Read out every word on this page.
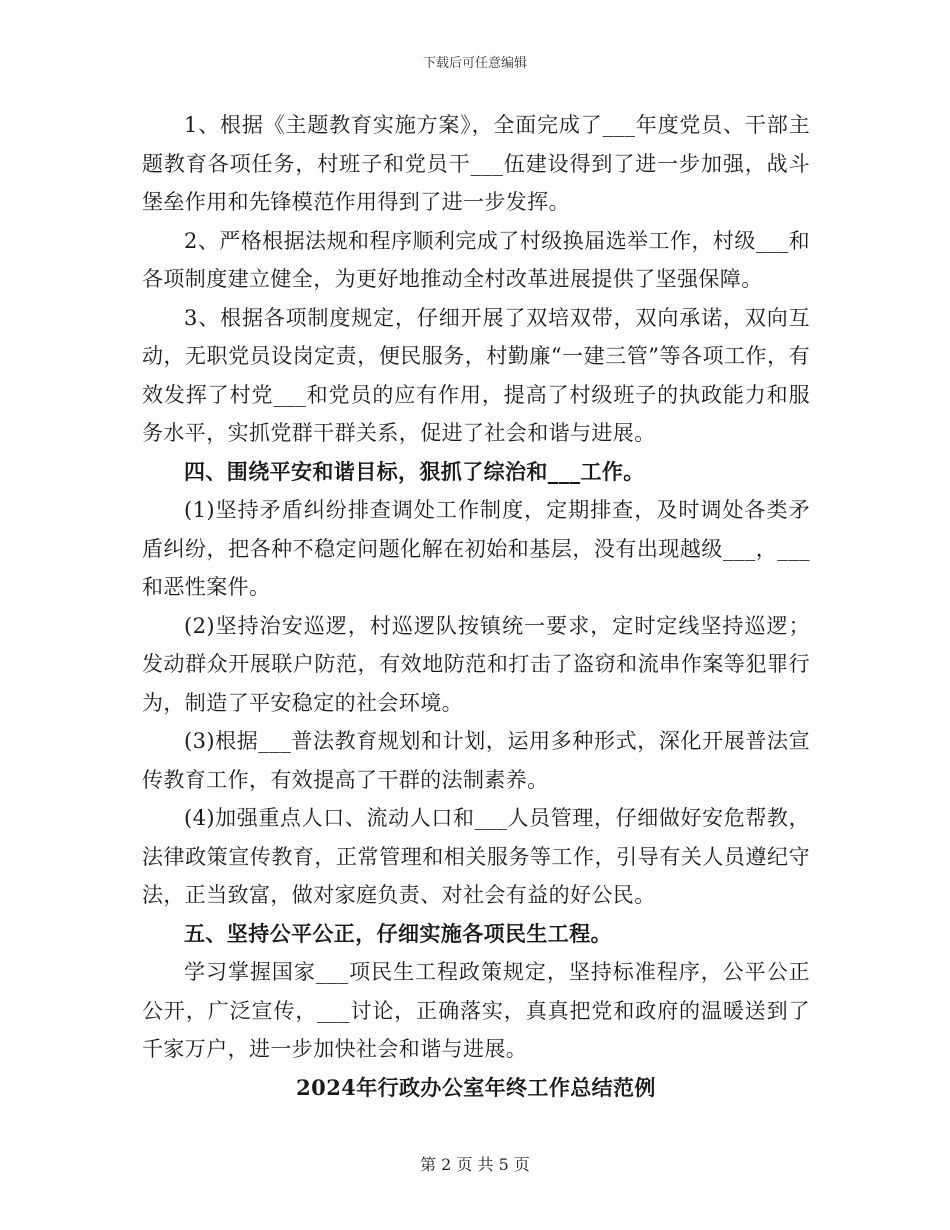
下载后可任意编辑

1、根据《主题教育实施方案》，全面完成了___年度党员、干部主题教育各项任务，村班子和党员干___伍建设得到了进一步加强，战斗堡垒作用和先锋模范作用得到了进一步发挥。

2、严格根据法规和程序顺利完成了村级换届选举工作，村级___和各项制度建立健全，为更好地推动全村改革进展提供了坚强保障。

3、根据各项制度规定，仔细开展了双培双带，双向承诺，双向互动，无职党员设岗定责，便民服务，村勤廉“一建三管”等各项工作，有效发挥了村党___和党员的应有作用，提高了村级班子的执政能力和服务水平，实抓党群干群关系，促进了社会和谐与进展。

四、围绕平安和谐目标，狠抓了综治和___工作。

(1)坚持矛盾纠纷排查调处工作制度，定期排查，及时调处各类矛盾纠纷，把各种不稳定问题化解在初始和基层，没有出现越级___，___和恶性案件。

(2)坚持治安巡逻，村巡逻队按镇统一要求，定时定线坚持巡逻；发动群众开展联户防范，有效地防范和打击了盗窃和流串作案等犯罪行为，制造了平安稳定的社会环境。

(3)根据___普法教育规划和计划，运用多种形式，深化开展普法宣传教育工作，有效提高了干群的法制素养。

(4)加强重点人口、流动人口和___人员管理，仔细做好安危帮教，法律政策宣传教育，正常管理和相关服务等工作，引导有关人员遵纪守法，正当致富，做对家庭负责、对社会有益的好公民。

五、坚持公平公正，仔细实施各项民生工程。

学习掌握国家___项民生工程政策规定，坚持标准程序，公平公正公开，广泛宣传，___讨论，正确落实，真真把党和政府的温暖送到了千家万户，进一步加快社会和谐与进展。

2024年行政办公室年终工作总结范例

第 2 页 共 5 页
